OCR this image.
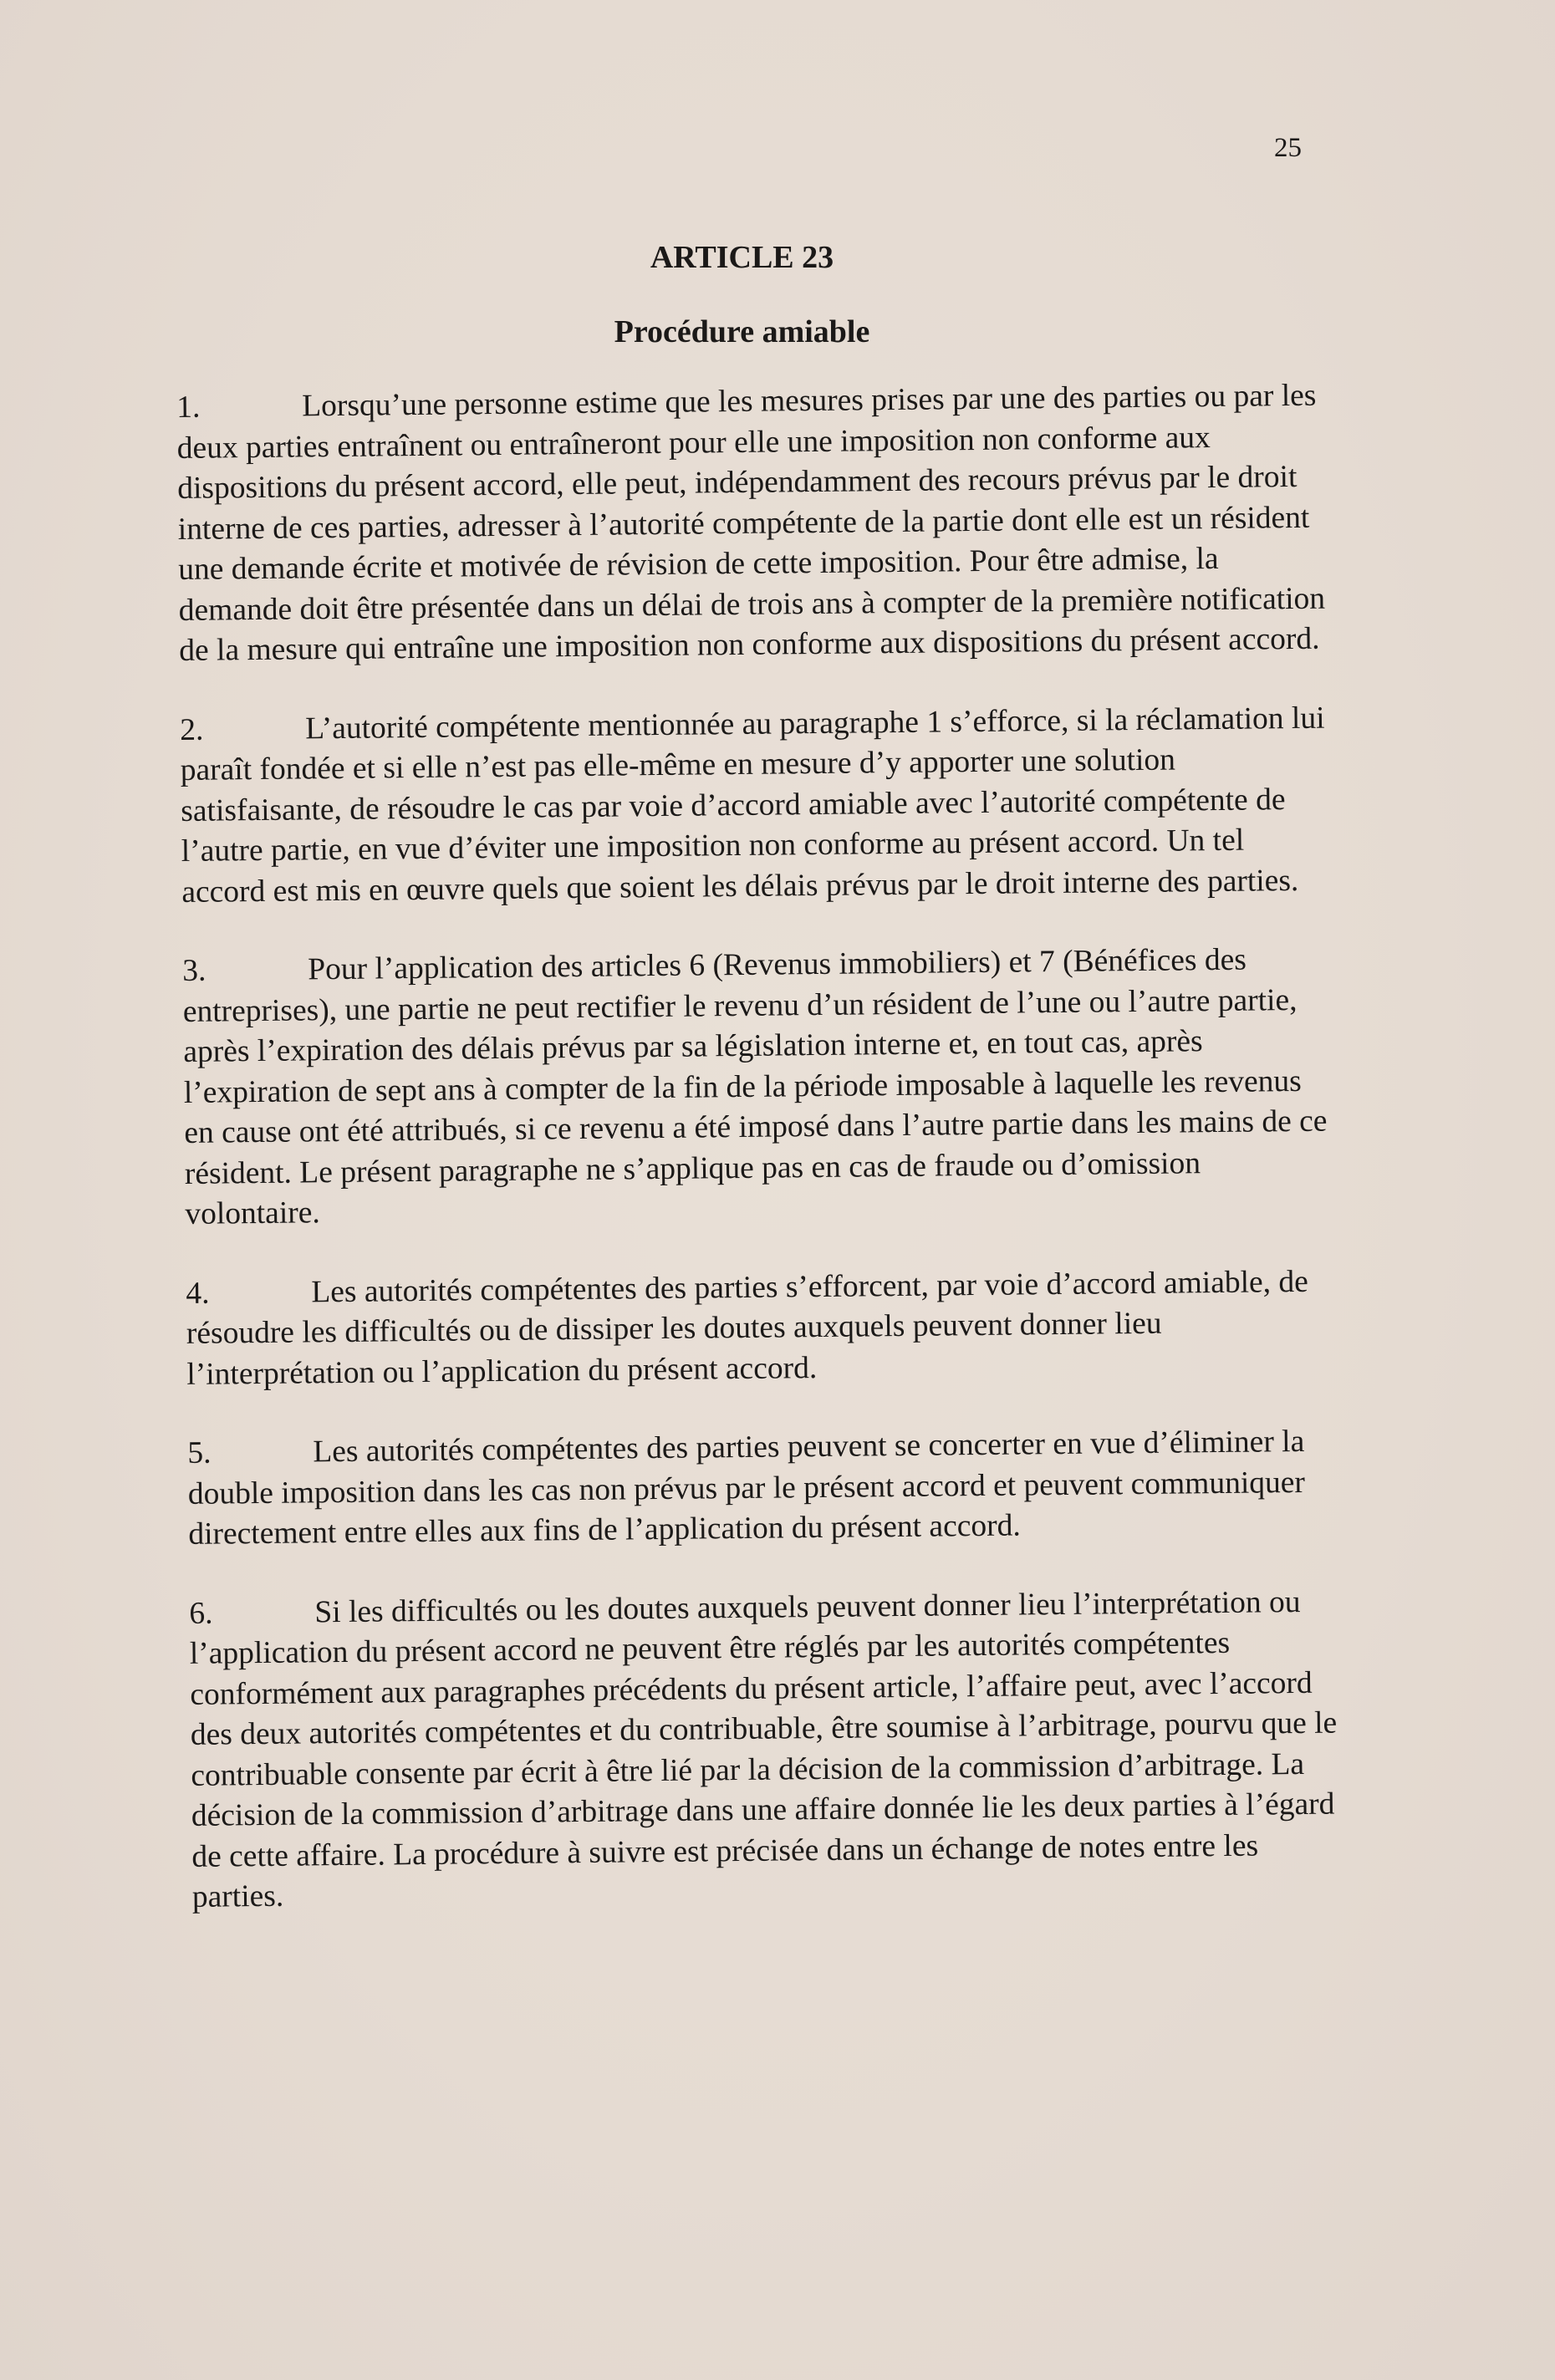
25
ARTICLE 23
Procédure amiable

1.	Lorsqu’une personne estime que les mesures prises par une des parties ou par les deux parties entraînent ou entraîneront pour elle une imposition non conforme aux dispositions du présent accord, elle peut, indépendamment des recours prévus par le droit interne de ces parties, adresser à l’autorité compétente de la partie dont elle est un résident une demande écrite et motivée de révision de cette imposition. Pour être admise, la demande doit être présentée dans un délai de trois ans à compter de la première notification de la mesure qui entraîne une imposition non conforme aux dispositions du présent accord.

2.	L’autorité compétente mentionnée au paragraphe 1 s’efforce, si la réclamation lui paraît fondée et si elle n’est pas elle-même en mesure d’y apporter une solution satisfaisante, de résoudre le cas par voie d’accord amiable avec l’autorité compétente de l’autre partie, en vue d’éviter une imposition non conforme au présent accord. Un tel accord est mis en œuvre quels que soient les délais prévus par le droit interne des parties.

3.	Pour l’application des articles 6 (Revenus immobiliers) et 7 (Bénéfices des entreprises), une partie ne peut rectifier le revenu d’un résident de l’une ou l’autre partie, après l’expiration des délais prévus par sa législation interne et, en tout cas, après l’expiration de sept ans à compter de la fin de la période imposable à laquelle les revenus en cause ont été attribués, si ce revenu a été imposé dans l’autre partie dans les mains de ce résident. Le présent paragraphe ne s’applique pas en cas de fraude ou d’omission volontaire.

4.	Les autorités compétentes des parties s’efforcent, par voie d’accord amiable, de résoudre les difficultés ou de dissiper les doutes auxquels peuvent donner lieu l’interprétation ou l’application du présent accord.

5.	Les autorités compétentes des parties peuvent se concerter en vue d’éliminer la double imposition dans les cas non prévus par le présent accord et peuvent communiquer directement entre elles aux fins de l’application du présent accord.

6.	Si les difficultés ou les doutes auxquels peuvent donner lieu l’interprétation ou l’application du présent accord ne peuvent être réglés par les autorités compétentes conformément aux paragraphes précédents du présent article, l’affaire peut, avec l’accord des deux autorités compétentes et du contribuable, être soumise à l’arbitrage, pourvu que le contribuable consente par écrit à être lié par la décision de la commission d’arbitrage. La décision de la commission d’arbitrage dans une affaire donnée lie les deux parties à l’égard de cette affaire. La procédure à suivre est précisée dans un échange de notes entre les parties.
